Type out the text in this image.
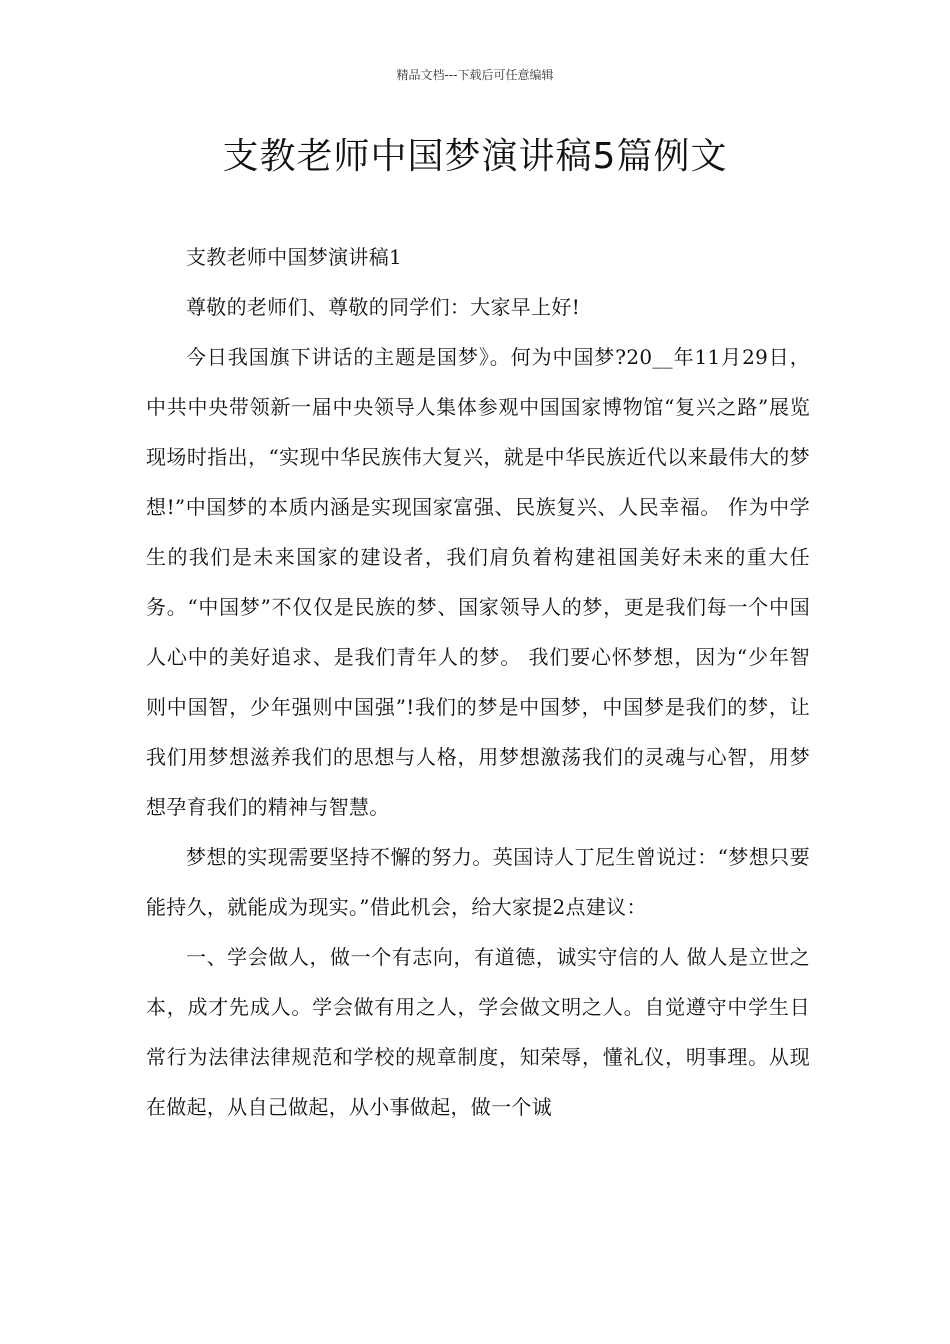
精品文档---下载后可任意编辑
支教老师中国梦演讲稿5篇例文

支教老师中国梦演讲稿1

尊敬的老师们、尊敬的同学们：大家早上好!

今日我国旗下讲话的主题是国梦》。何为中国梦?20__年11月29日，中共中央带领新一届中央领导人集体参观中国国家博物馆“复兴之路”展览现场时指出，“实现中华民族伟大复兴，就是中华民族近代以来最伟大的梦想!”中国梦的本质内涵是实现国家富强、民族复兴、人民幸福。 作为中学生的我们是未来国家的建设者，我们肩负着构建祖国美好未来的重大任务。“中国梦”不仅仅是民族的梦、国家领导人的梦，更是我们每一个中国人心中的美好追求、是我们青年人的梦。 我们要心怀梦想，因为“少年智则中国智，少年强则中国强”!我们的梦是中国梦，中国梦是我们的梦，让我们用梦想滋养我们的思想与人格，用梦想激荡我们的灵魂与心智，用梦想孕育我们的精神与智慧。

梦想的实现需要坚持不懈的努力。英国诗人丁尼生曾说过：“梦想只要能持久，就能成为现实。”借此机会，给大家提2点建议：

一、学会做人，做一个有志向，有道德，诚实守信的人 做人是立世之本，成才先成人。学会做有用之人，学会做文明之人。自觉遵守中学生日常行为法律法律规范和学校的规章制度，知荣辱，懂礼仪，明事理。从现在做起，从自己做起，从小事做起，做一个诚
